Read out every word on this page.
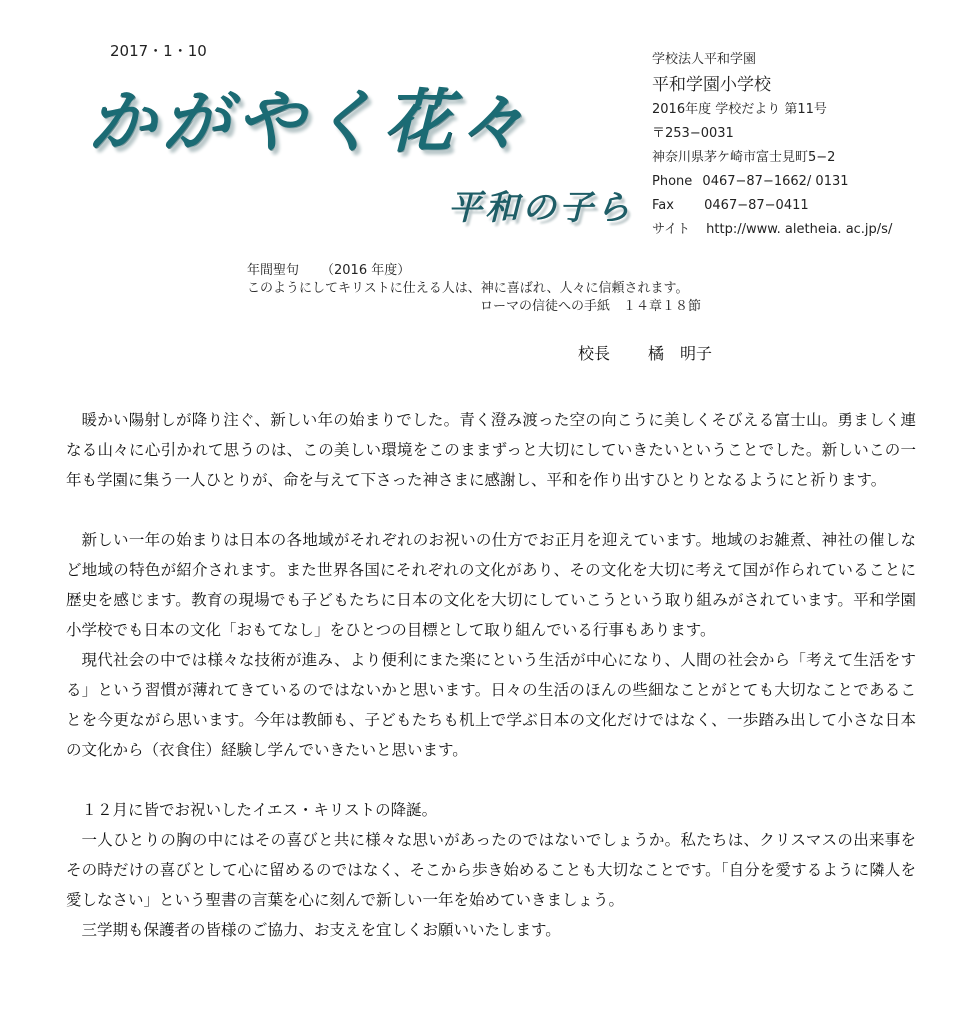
2017・1・10
かがやく花々
平和の子ら
学校法人平和学園
平和学園小学校
2016年度 学校だより 第11号
〒253−0031
神奈川県茅ケ崎市富士見町5−2
Phone 0467−87−1662/ 0131
Fax 0467−87−0411
サイト http://www. aletheia. ac.jp/s/
年間聖句 （2016 年度）
このようにしてキリストに仕える人は、神に喜ばれ、人々に信頼されます。
ローマの信徒への手紙　１４章１８節
校長 橘　明子

暖かい陽射しが降り注ぐ、新しい年の始まりでした。青く澄み渡った空の向こうに美しくそびえる富士山。勇ましく連なる山々に心引かれて思うのは、この美しい環境をこのままずっと大切にしていきたいということでした。新しいこの一年も学園に集う一人ひとりが、命を与えて下さった神さまに感謝し、平和を作り出すひとりとなるようにと祈ります。

新しい一年の始まりは日本の各地域がそれぞれのお祝いの仕方でお正月を迎えています。地域のお雑煮、神社の催しなど地域の特色が紹介されます。また世界各国にそれぞれの文化があり、その文化を大切に考えて国が作られていることに歴史を感じます。教育の現場でも子どもたちに日本の文化を大切にしていこうという取り組みがされています。平和学園小学校でも日本の文化「おもてなし」をひとつの目標として取り組んでいる行事もあります。

現代社会の中では様々な技術が進み、より便利にまた楽にという生活が中心になり、人間の社会から「考えて生活をする」という習慣が薄れてきているのではないかと思います。日々の生活のほんの些細なことがとても大切なことであることを今更ながら思います。今年は教師も、子どもたちも机上で学ぶ日本の文化だけではなく、一歩踏み出して小さな日本の文化から（衣食住）経験し学んでいきたいと思います。

１２月に皆でお祝いしたイエス・キリストの降誕。

一人ひとりの胸の中にはその喜びと共に様々な思いがあったのではないでしょうか。私たちは、クリスマスの出来事をその時だけの喜びとして心に留めるのではなく、そこから歩き始めることも大切なことです。「自分を愛するように隣人を愛しなさい」という聖書の言葉を心に刻んで新しい一年を始めていきましょう。

三学期も保護者の皆様のご協力、お支えを宜しくお願いいたします。
